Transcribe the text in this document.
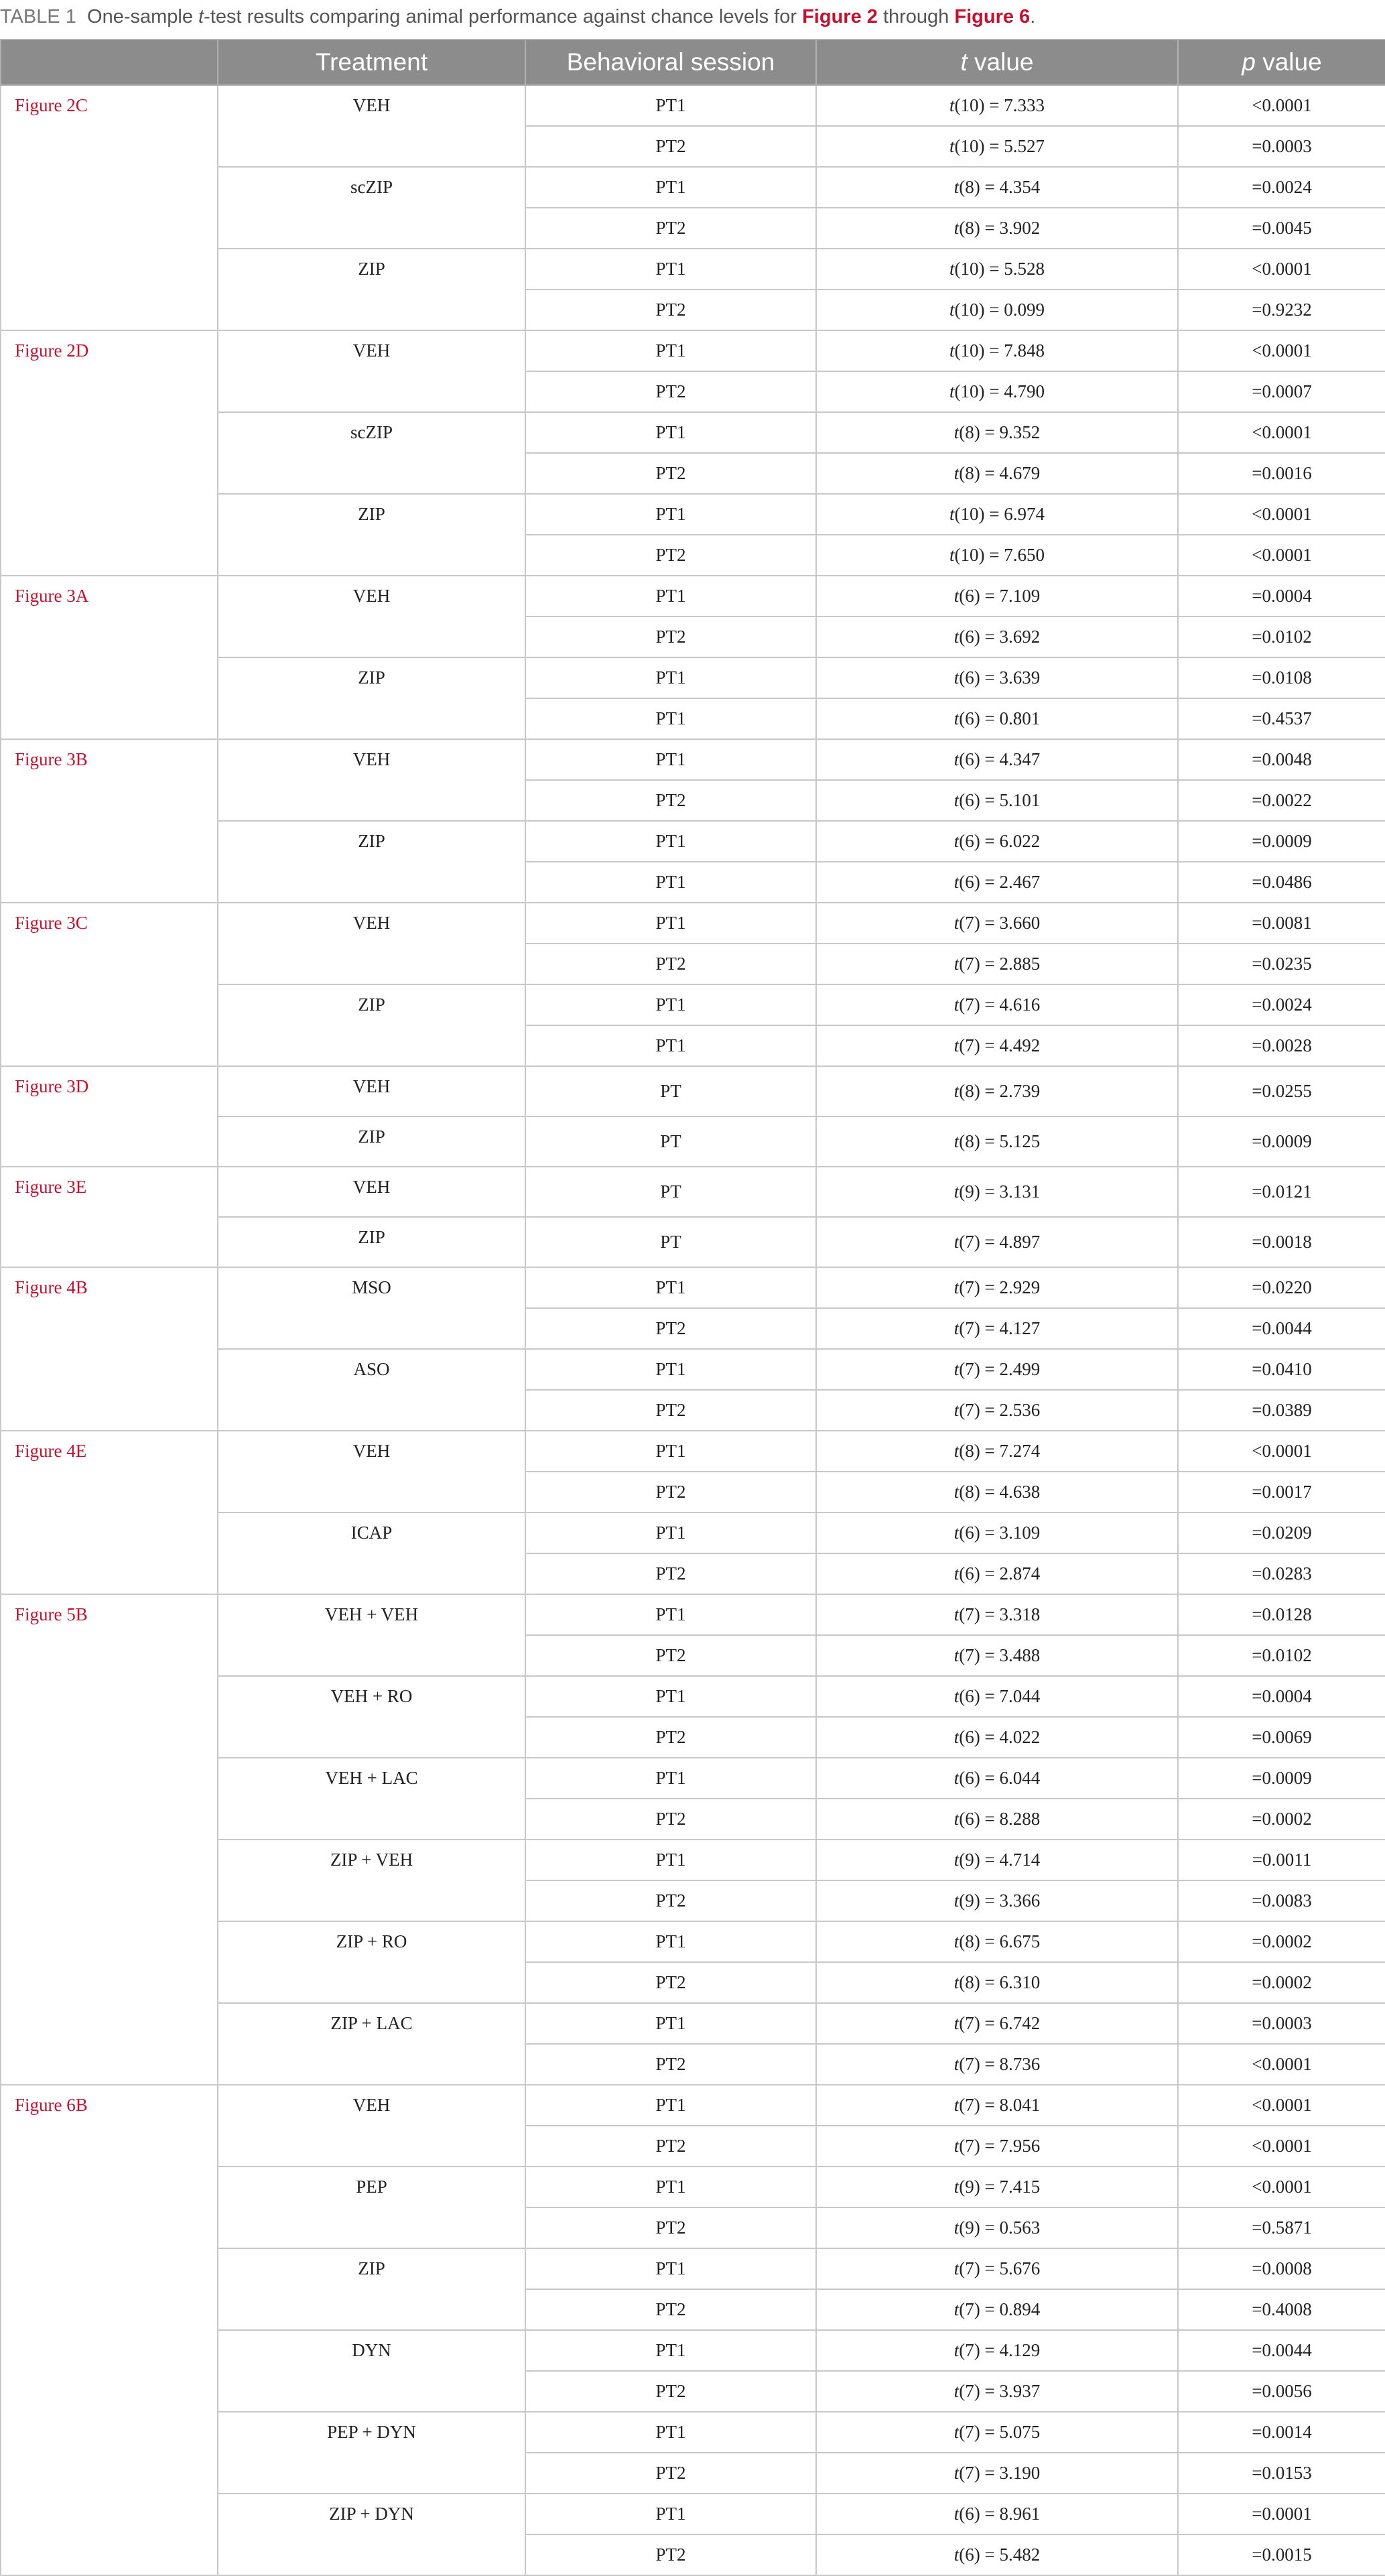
TABLE 1 One-sample t-test results comparing animal performance against chance levels for Figure 2 through Figure 6.
	Treatment	Behavioral session	t value	p value
Figure 2C	VEH	PT1	t(10) = 7.333	<0.0001
		PT2	t(10) = 5.527	=0.0003
	scZIP	PT1	t(8) = 4.354	=0.0024
		PT2	t(8) = 3.902	=0.0045
	ZIP	PT1	t(10) = 5.528	<0.0001
		PT2	t(10) = 0.099	=0.9232
Figure 2D	VEH	PT1	t(10) = 7.848	<0.0001
		PT2	t(10) = 4.790	=0.0007
	scZIP	PT1	t(8) = 9.352	<0.0001
		PT2	t(8) = 4.679	=0.0016
	ZIP	PT1	t(10) = 6.974	<0.0001
		PT2	t(10) = 7.650	<0.0001
Figure 3A	VEH	PT1	t(6) = 7.109	=0.0004
		PT2	t(6) = 3.692	=0.0102
	ZIP	PT1	t(6) = 3.639	=0.0108
		PT1	t(6) = 0.801	=0.4537
Figure 3B	VEH	PT1	t(6) = 4.347	=0.0048
		PT2	t(6) = 5.101	=0.0022
	ZIP	PT1	t(6) = 6.022	=0.0009
		PT1	t(6) = 2.467	=0.0486
Figure 3C	VEH	PT1	t(7) = 3.660	=0.0081
		PT2	t(7) = 2.885	=0.0235
	ZIP	PT1	t(7) = 4.616	=0.0024
		PT1	t(7) = 4.492	=0.0028
Figure 3D	VEH	PT	t(8) = 2.739	=0.0255
	ZIP	PT	t(8) = 5.125	=0.0009
Figure 3E	VEH	PT	t(9) = 3.131	=0.0121
	ZIP	PT	t(7) = 4.897	=0.0018
Figure 4B	MSO	PT1	t(7) = 2.929	=0.0220
		PT2	t(7) = 4.127	=0.0044
	ASO	PT1	t(7) = 2.499	=0.0410
		PT2	t(7) = 2.536	=0.0389
Figure 4E	VEH	PT1	t(8) = 7.274	<0.0001
		PT2	t(8) = 4.638	=0.0017
	ICAP	PT1	t(6) = 3.109	=0.0209
		PT2	t(6) = 2.874	=0.0283
Figure 5B	VEH + VEH	PT1	t(7) = 3.318	=0.0128
		PT2	t(7) = 3.488	=0.0102
	VEH + RO	PT1	t(6) = 7.044	=0.0004
		PT2	t(6) = 4.022	=0.0069
	VEH + LAC	PT1	t(6) = 6.044	=0.0009
		PT2	t(6) = 8.288	=0.0002
	ZIP + VEH	PT1	t(9) = 4.714	=0.0011
		PT2	t(9) = 3.366	=0.0083
	ZIP + RO	PT1	t(8) = 6.675	=0.0002
		PT2	t(8) = 6.310	=0.0002
	ZIP + LAC	PT1	t(7) = 6.742	=0.0003
		PT2	t(7) = 8.736	<0.0001
Figure 6B	VEH	PT1	t(7) = 8.041	<0.0001
		PT2	t(7) = 7.956	<0.0001
	PEP	PT1	t(9) = 7.415	<0.0001
		PT2	t(9) = 0.563	=0.5871
	ZIP	PT1	t(7) = 5.676	=0.0008
		PT2	t(7) = 0.894	=0.4008
	DYN	PT1	t(7) = 4.129	=0.0044
		PT2	t(7) = 3.937	=0.0056
	PEP + DYN	PT1	t(7) = 5.075	=0.0014
		PT2	t(7) = 3.190	=0.0153
	ZIP + DYN	PT1	t(6) = 8.961	=0.0001
		PT2	t(6) = 5.482	=0.0015
